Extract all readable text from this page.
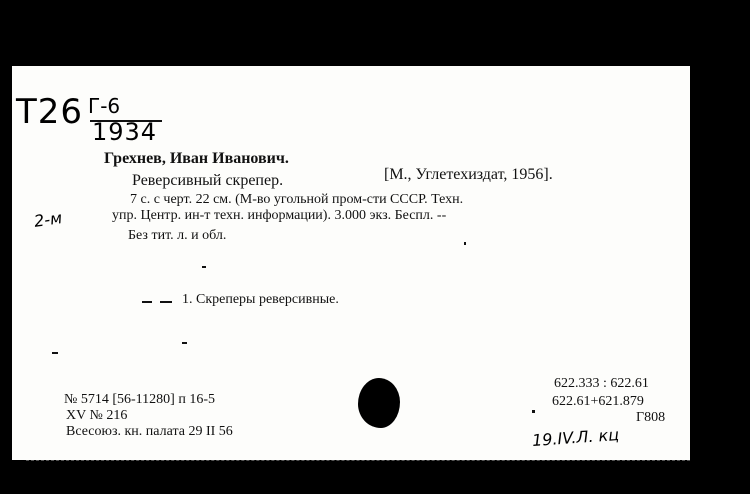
Т26 Г-6
1934
Грехнев, Иван Иванович.
Реверсивный скрепер.	[М., Углетехиздат, 1956].
7 с. с черт. 22 см. (М-во угольной пром-сти СССР. Техн.
упр. Центр. ин-т техн. информации). 3.000 экз. Беспл. --
Без тит. л. и обл.
2-м
1. Скреперы реверсивные.
№ 5714 [56-11280] п 16-5
XV № 216
Всесоюз. кн. палата 29 II 56
622.333 : 622.61
622.61+621.879
Г808
19.IV.Л. кц
